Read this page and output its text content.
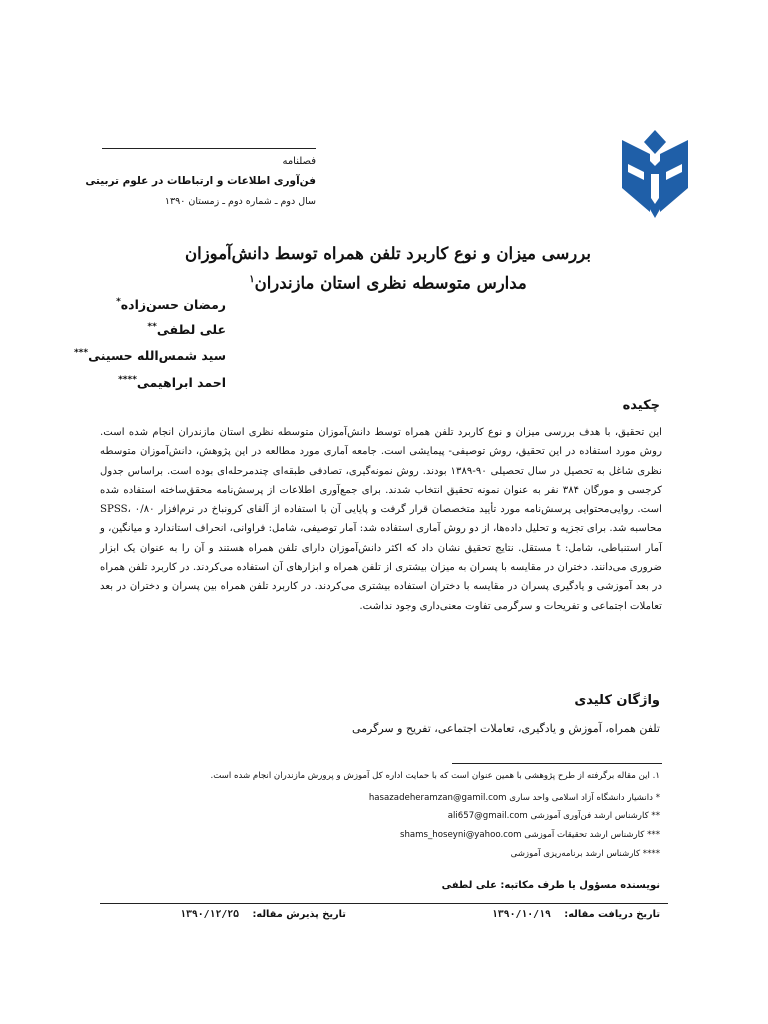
فصلنامه
فن‌آوری اطلاعات و ارتباطات در علوم تربیتی
سال دوم ـ شماره دوم ـ زمستان ۱۳۹۰
بررسی میزان و نوع کاربرد تلفن همراه توسط دانش‌آموزان
مدارس متوسطه نظری استان مازندران$^۱$
رمضان حسن‌زاده*
علی لطفی**
سید شمس‌الله حسینی***
احمد ابراهیمی****
چکیده
این تحقیق، با هدف بررسی میزان و نوع کاربرد تلفن همراه توسط دانش‌آموزان متوسطه نظری استان مازندران انجام شده است. روش مورد استفاده در این تحقیق، روش توصیفی- پیمایشی است. جامعه آماری مورد مطالعه در این پژوهش، دانش‌آموزان متوسطه نظری شاغل به تحصیل در سال تحصیلی ۹۰-۱۳۸۹ بودند. روش نمونه‌گیری، تصادفی طبقه‌ای چندمرحله‌ای بوده است. براساس جدول کرجسی و مورگان ۳۸۴ نفر به عنوان نمونه تحقیق انتخاب شدند. برای جمع‌آوری اطلاعات از پرسش‌نامه محقق‌ساخته استفاده شده است. روایی‌محتوایی پرسش‌نامه مورد تأیید متخصصان قرار گرفت و پایایی آن با استفاده از آلفای کرونباخ در نرم‌افزار SPSS، ۰/۸۰ محاسبه شد. برای تجزیه و تحلیل داده‌ها، از دو روش آماری استفاده شد: آمار توصیفی، شامل: فراوانی، انحراف استاندارد و میانگین، و آمار استنباطی، شامل: t مستقل. نتایج تحقیق نشان داد که اکثر دانش‌آموزان دارای تلفن همراه هستند و آن را به عنوان یک ابزار ضروری می‌دانند. دختران در مقایسه با پسران به میزان بیشتری از تلفن همراه و ابزارهای آن استفاده می‌کردند. در کاربرد تلفن همراه در بعد آموزشی و یادگیری پسران در مقایسه با دختران استفاده بیشتری می‌کردند. در کاربرد تلفن همراه بین پسران و دختران در بعد تعاملات اجتماعی و تفریحات و سرگرمی تفاوت معنی‌داری وجود نداشت.
واژگان کلیدی
تلفن همراه، آموزش و یادگیری، تعاملات اجتماعی، تفریح و سرگرمی
۱. این مقاله برگرفته از طرح پژوهشی با همین عنوان است که با حمایت اداره کل آموزش و پرورش مازندران انجام شده است.
* دانشیار دانشگاه آزاد اسلامی واحد ساری hasazadeheramzan@gamil.com
** کارشناس ارشد فن‌آوری آموزشی ali657@gmail.com
*** کارشناس ارشد تحقیقات آموزشی shams_hoseyni@yahoo.com
**** کارشناس ارشد برنامه‌ریزی آموزشی
نویسنده مسؤول یا طرف مکاتبه: علی لطفی
تاریخ دریافت مقاله: ۱۳۹۰/۱۰/۱۹
تاریخ پذیرش مقاله: ۱۳۹۰/۱۲/۲۵
